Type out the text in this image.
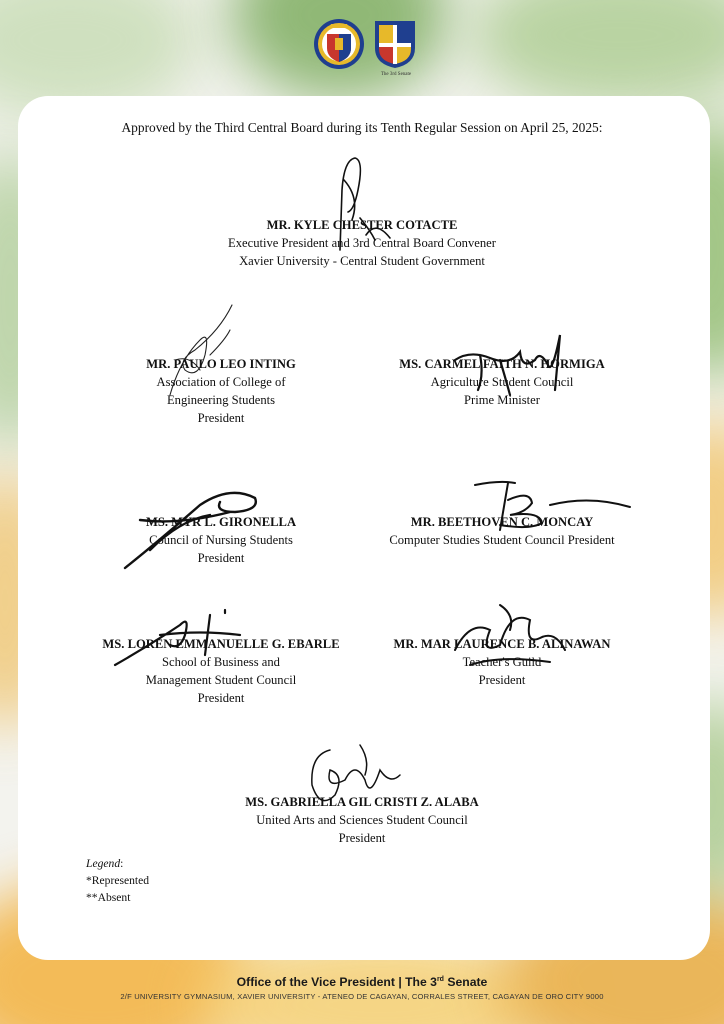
The 3rd Senate
Approved by the Third Central Board during its Tenth Regular Session on April 25, 2025:
MR. KYLE CHESTER COTACTE
Executive President and 3rd Central Board Convener
Xavier University - Central Student Government
MR. PAULO LEO INTING
Association of College of
Engineering Students
President
MS. CARMEL FAITH N. HORMIGA
Agriculture Student Council
Prime Minister
MS. MYR L. GIRONELLA
Council of Nursing Students
President
MR. BEETHOVEN C. MONCAY
Computer Studies Student Council President
MS. LOREN EMMANUELLE G. EBARLE
School of Business and
Management Student Council
President
MR. MAR LAURENCE B. ALINAWAN
Teacher's Guild
President
MS. GABRIELLA GIL CRISTI Z. ALABA
United Arts and Sciences Student Council
President
Legend:
*Represented
**Absent
Office of the Vice President | The 3rd Senate
2/F UNIVERSITY GYMNASIUM, XAVIER UNIVERSITY - ATENEO DE CAGAYAN, CORRALES STREET, CAGAYAN DE ORO CITY 9000
